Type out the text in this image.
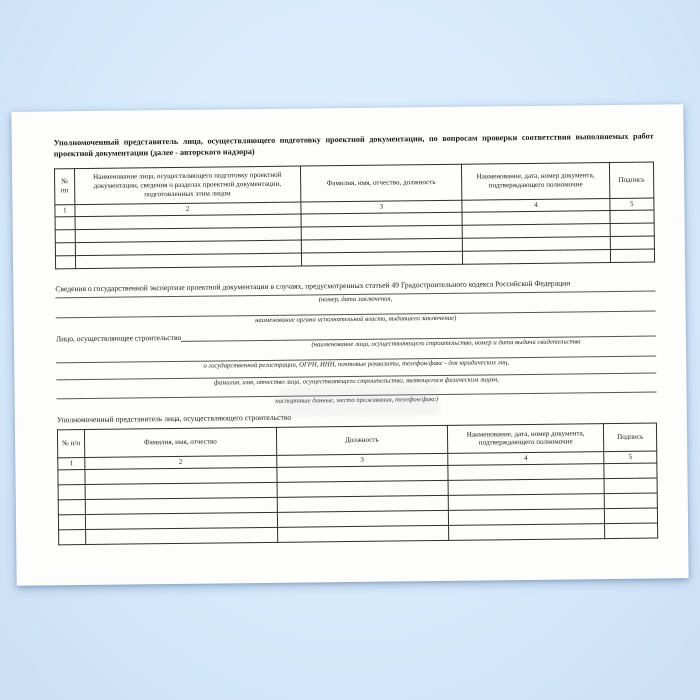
Уполномоченный представитель лица, осуществляющего подготовку проектной документации, по вопросам проверки соответствия выполняемых работ проектной документации (далее - авторского надзора)
№ пп	Наименование лица, осуществляющего подготовку проектной документации, сведения о разделах проектной документации, подготовленных этим лицом	Фамилия, имя, отчество, должность	Наименование, дата, номер документа, подтверждающего полномочие	Подпись
1	2	3	4	5

Сведения о государственной экспертизе проектной документации в случаях, предусмотренных статьей 49 Градостроительного кодекса Российской Федерации
(номер, дата заключения,
наименование органа исполнительной власти, выдавшего заключение)
Лицо, осуществляющее строительство
(наименование лица, осуществляющего строительство, номер и дата выдачи свидетельства
о государственной регистрации, ОГРН, ИНН, почтовые реквизиты, телефон/факс - для юридических лиц,
фамилия, имя, отчество лица, осуществляющего строительство, являющегося физическим лицом,
паспортные данные, место проживания, телефон/факс)
Уполномоченный представитель лица, осуществляющего строительство
№ п/п	Фамилия, имя, отчество	Должность	Наименование, дата, номер документа, подтверждающего полномочие	Подпись
1	2	3	4	5
